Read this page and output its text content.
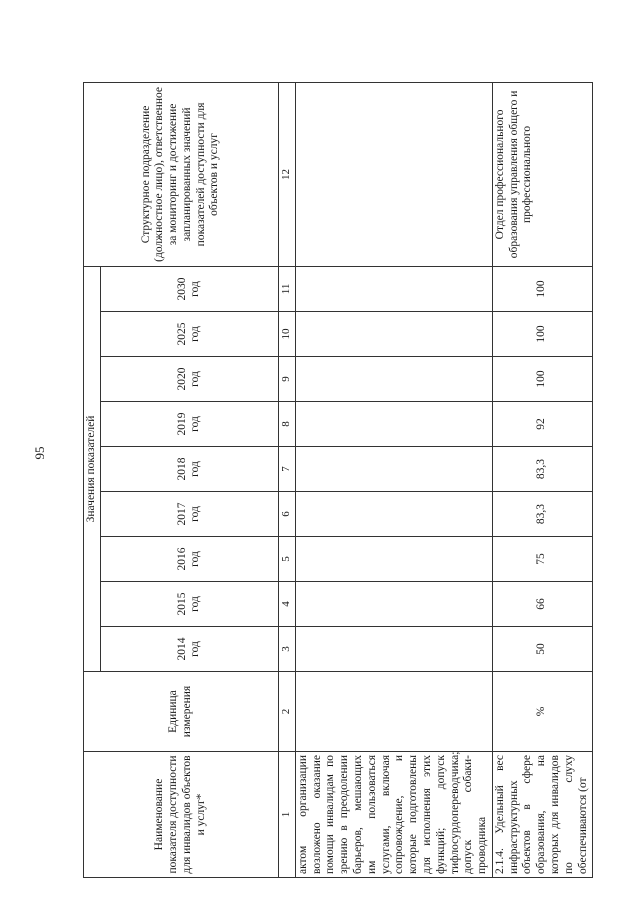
95
Наименование показателя доступности для инвалидов объектов и услуг*	Единица измерения	Значения показателей									Структурное подразделение (должностное лицо), ответственное за мониторинг и достижение запланированных значений показателей доступности для объектов и услуг
		2014 год	2015 год	2016 год	2017 год	2018 год	2019 год	2020 год	2025 год	2030 год	
1	2	3	4	5	6	7	8	9	10	11	12
актом организации возложено оказание помощи инвалидам по зрению в преодолении барьеров, мешающих им пользоваться услугами, включая сопровождение, и которые подготовлены для исполнения этих функций; допуск тифлосурдопереводчика; допуск собаки-проводника											
2.1.4. Удельный вес инфраструктурных объектов в сфере образования, на которых для инвалидов по слуху обеспечиваются (от	%	50	66	75	83,3	83,3	92	100	100	100	Отдел профессионального образования управления общего и профессионального
